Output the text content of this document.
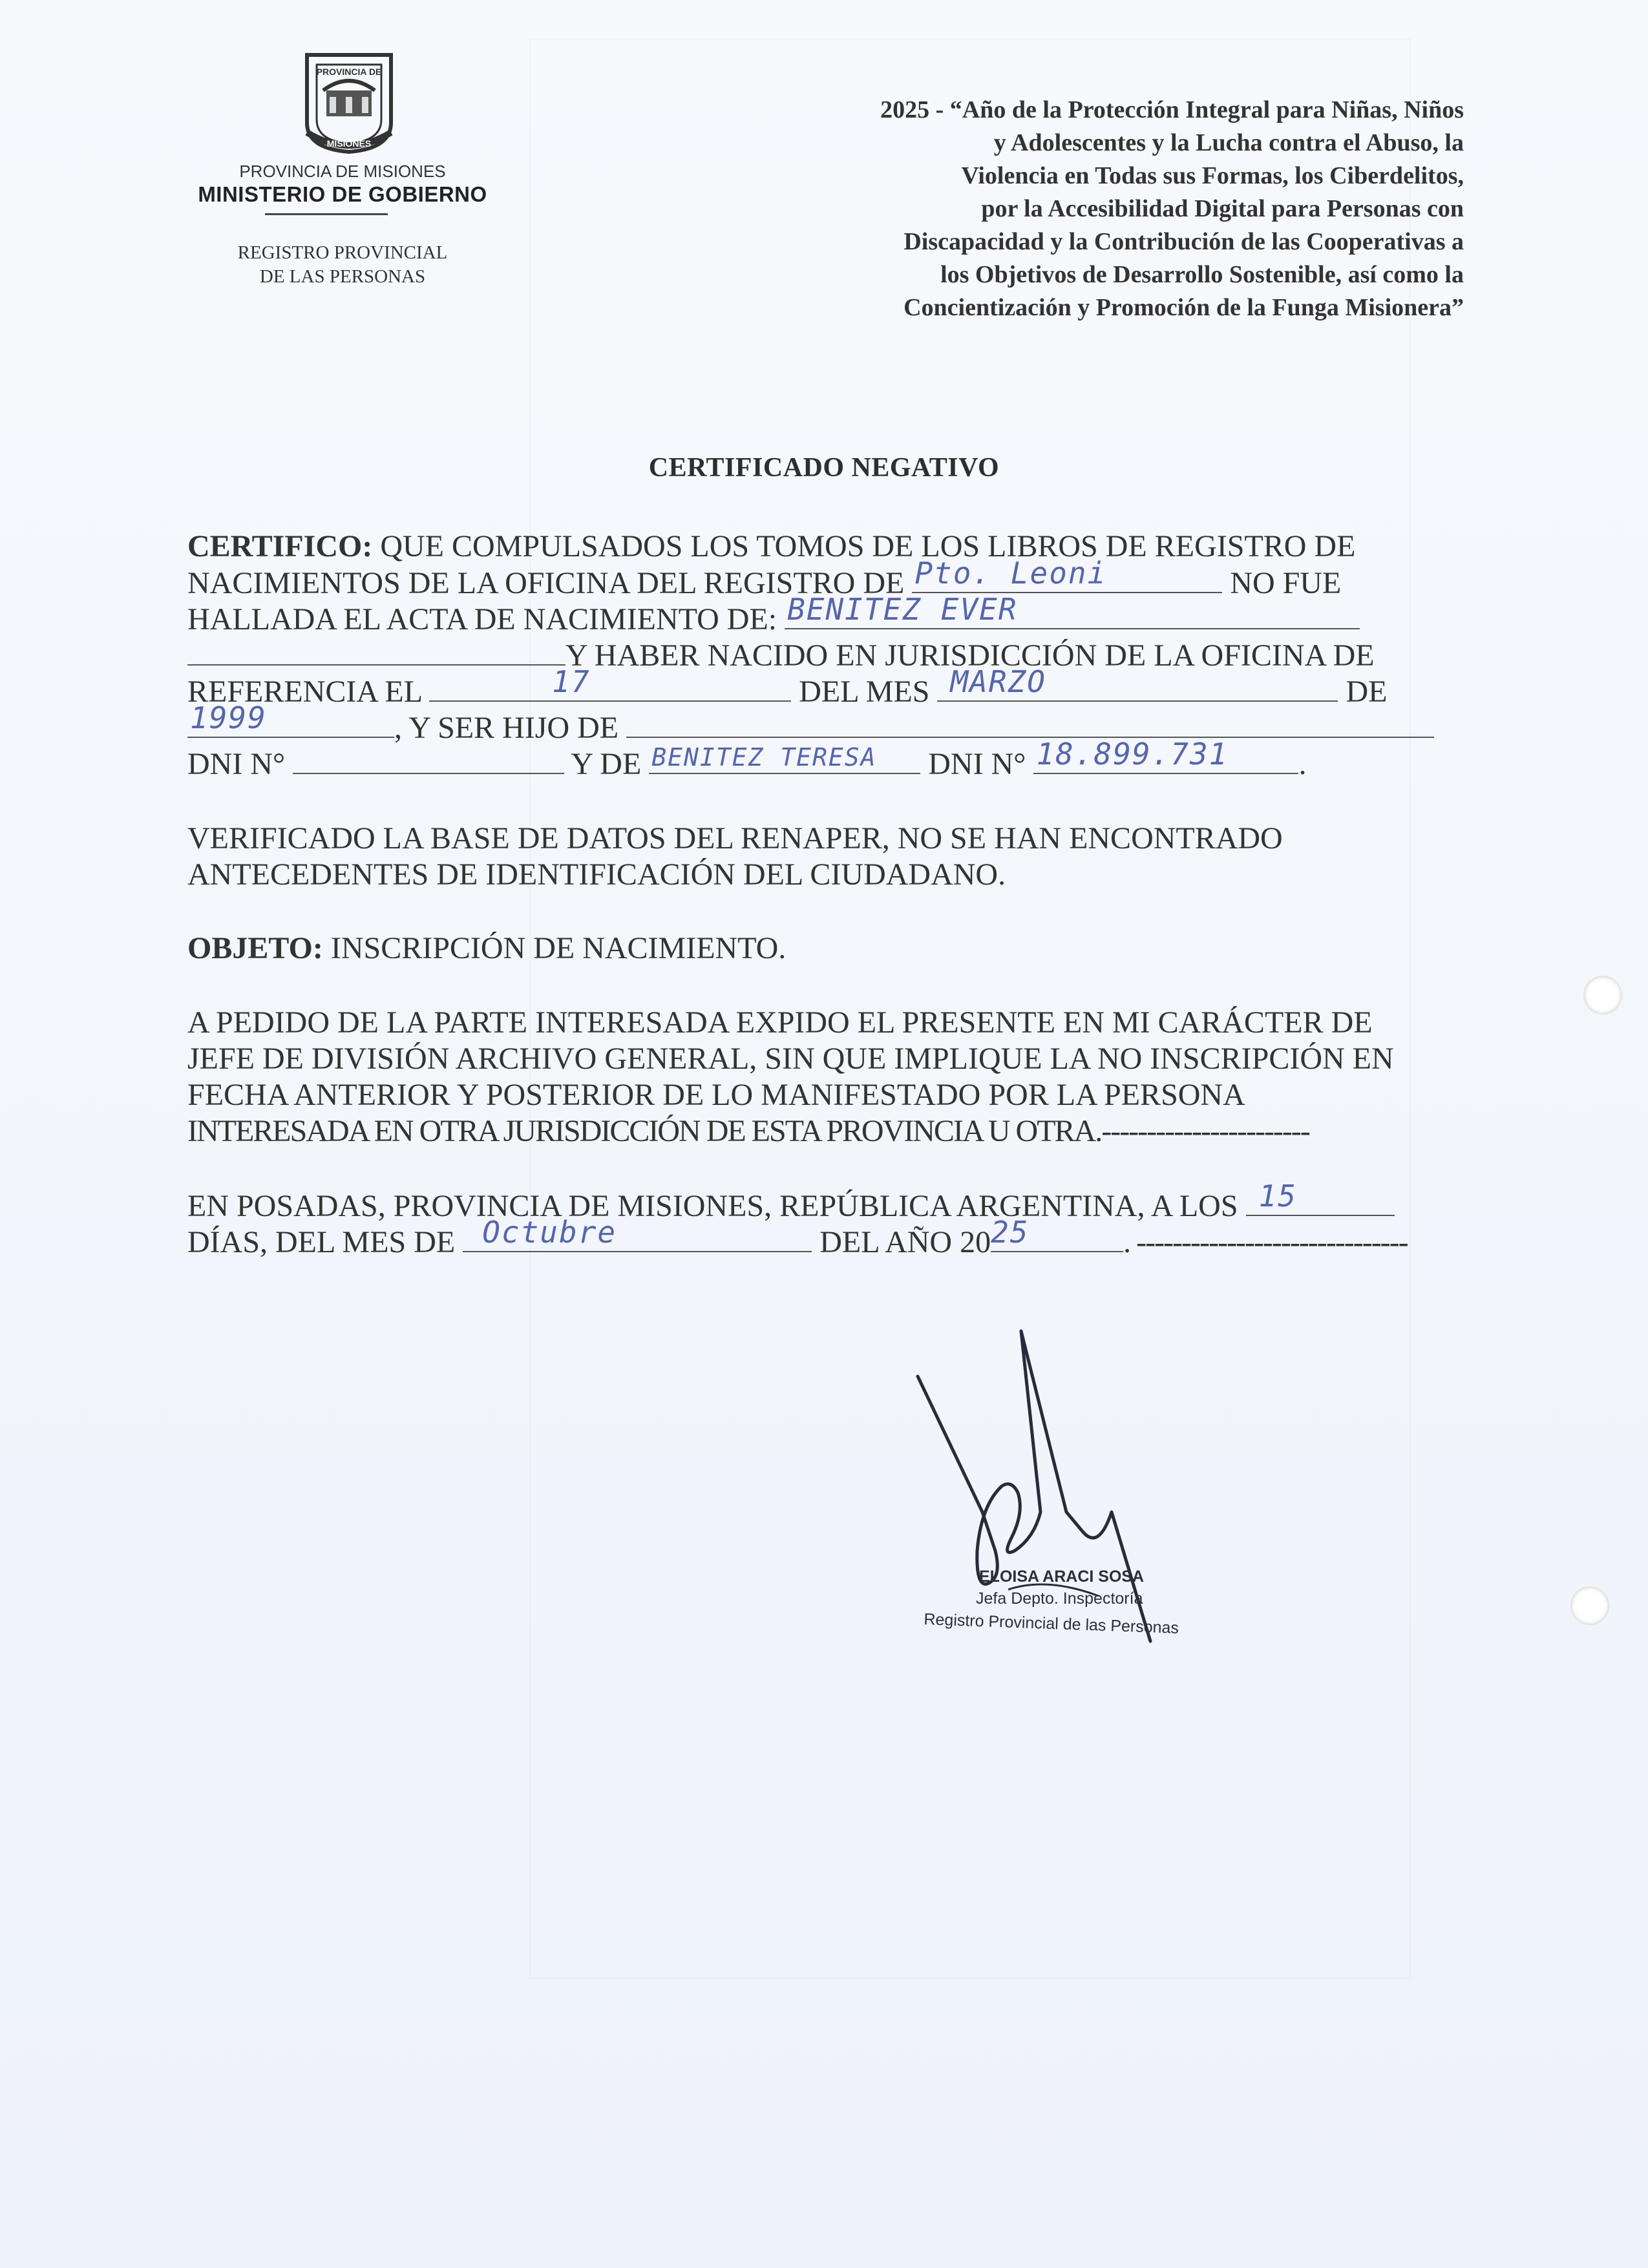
PROVINCIA DE
MISIONES
PROVINCIA DE MISIONES
MINISTERIO DE GOBIERNO
REGISTRO PROVINCIAL
DE LAS PERSONAS
2025 - “Año de la Protección Integral para Niñas, Niños
y Adolescentes y la Lucha contra el Abuso, la
Violencia en Todas sus Formas, los Ciberdelitos,
por la Accesibilidad Digital para Personas con
Discapacidad y la Contribución de las Cooperativas a
los Objetivos de Desarrollo Sostenible, así como la
Concientización y Promoción de la Funga Misionera”
CERTIFICADO NEGATIVO
CERTIFICO: QUE COMPULSADOS LOS TOMOS DE LOS LIBROS DE REGISTRO DE
NACIMIENTOS DE LA OFICINA DEL REGISTRO DE Pto. Leoni	NO FUE
HALLADA EL ACTA DE NACIMIENTO DE: BENITEZ EVER
Y HABER NACIDO EN JURISDICCIÓN DE LA OFICINA DE
REFERENCIA EL	17	DEL MES MARZO	DE
1999	, Y SER HIJO DE
DNI N°	Y DE BENITEZ TERESA DNI N° 18.899.731 .
VERIFICADO LA BASE DE DATOS DEL RENAPER, NO SE HAN ENCONTRADO
ANTECEDENTES DE IDENTIFICACIÓN DEL CIUDADANO.
OBJETO: INSCRIPCIÓN DE NACIMIENTO.
A PEDIDO DE LA PARTE INTERESADA EXPIDO EL PRESENTE EN MI CARÁCTER DE
JEFE DE DIVISIÓN ARCHIVO GENERAL, SIN QUE IMPLIQUE LA NO INSCRIPCIÓN EN
FECHA ANTERIOR Y POSTERIOR DE LO MANIFESTADO POR LA PERSONA
INTERESADA EN OTRA JURISDICCIÓN DE ESTA PROVINCIA U OTRA.-----------------------
EN POSADAS, PROVINCIA DE MISIONES, REPÚBLICA ARGENTINA, A LOS 15
DÍAS, DEL MES DE Octubre	DEL AÑO 20 25	. ------------------------------
ELOISA ARACI SOSA
Jefa Depto. Inspectoría
Registro Provincial de las Personas
